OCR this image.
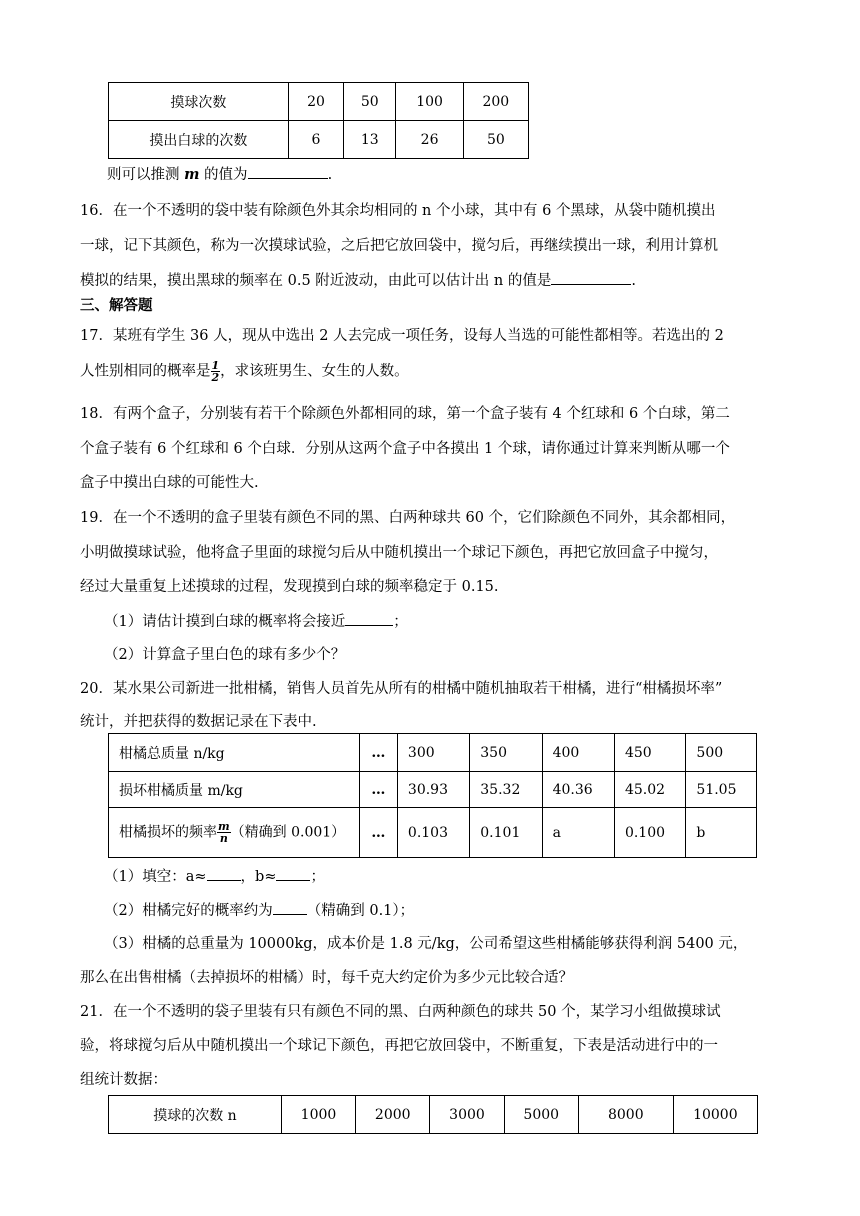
摸球次数	20	50	100	200
摸出白球的次数	6	13	26	50
则可以推测 m 的值为	.
16．在一个不透明的袋中装有除颜色外其余均相同的 n 个小球，其中有 6 个黑球，从袋中随机摸出
一球，记下其颜色，称为一次摸球试验，之后把它放回袋中，搅匀后，再继续摸出一球，利用计算机
模拟的结果，摸出黑球的频率在 0.5 附近波动，由此可以估计出 n 的值是	.
三、解答题
17．某班有学生 36 人，现从中选出 2 人去完成一项任务，设每人当选的可能性都相等。若选出的 2
人性别相同的概率是 $\frac{1}{2}$ ，求该班男生、女生的人数。
18．有两个盒子，分别装有若干个除颜色外都相同的球，第一个盒子装有 4 个红球和 6 个白球，第二
个盒子装有 6 个红球和 6 个白球．分别从这两个盒子中各摸出 1 个球，请你通过计算来判断从哪一个
盒子中摸出白球的可能性大.
19．在一个不透明的盒子里装有颜色不同的黑、白两种球共 60 个，它们除颜色不同外，其余都相同，
小明做摸球试验，他将盒子里面的球搅匀后从中随机摸出一个球记下颜色，再把它放回盒子中搅匀，
经过大量重复上述摸球的过程，发现摸到白球的频率稳定于 0.15.
（1）请估计摸到白球的概率将会接近	；
（2）计算盒子里白色的球有多少个？
20．某水果公司新进一批柑橘，销售人员首先从所有的柑橘中随机抽取若干柑橘，进行“柑橘损坏率”
统计，并把获得的数据记录在下表中.
柑橘总质量 n/kg	…	300	350	400	450	500
损坏柑橘质量 m/kg	…	30.93	35.32	40.36	45.02	51.05
柑橘损坏的频率 $\frac{m}{n}$ （精确到 0.001）	…	0.103	0.101	a	0.100	b
（1）填空：a≈ ，b≈ ；
（2）柑橘完好的概率约为 （精确到 0.1）；
（3）柑橘的总重量为 10000kg，成本价是 1.8 元/kg，公司希望这些柑橘能够获得利润 5400 元，
那么在出售柑橘（去掉损坏的柑橘）时，每千克大约定价为多少元比较合适？
21．在一个不透明的袋子里装有只有颜色不同的黑、白两种颜色的球共 50 个，某学习小组做摸球试
验，将球搅匀后从中随机摸出一个球记下颜色，再把它放回袋中，不断重复，下表是活动进行中的一
组统计数据：
摸球的次数 n	1000	2000	3000	5000	8000	10000
